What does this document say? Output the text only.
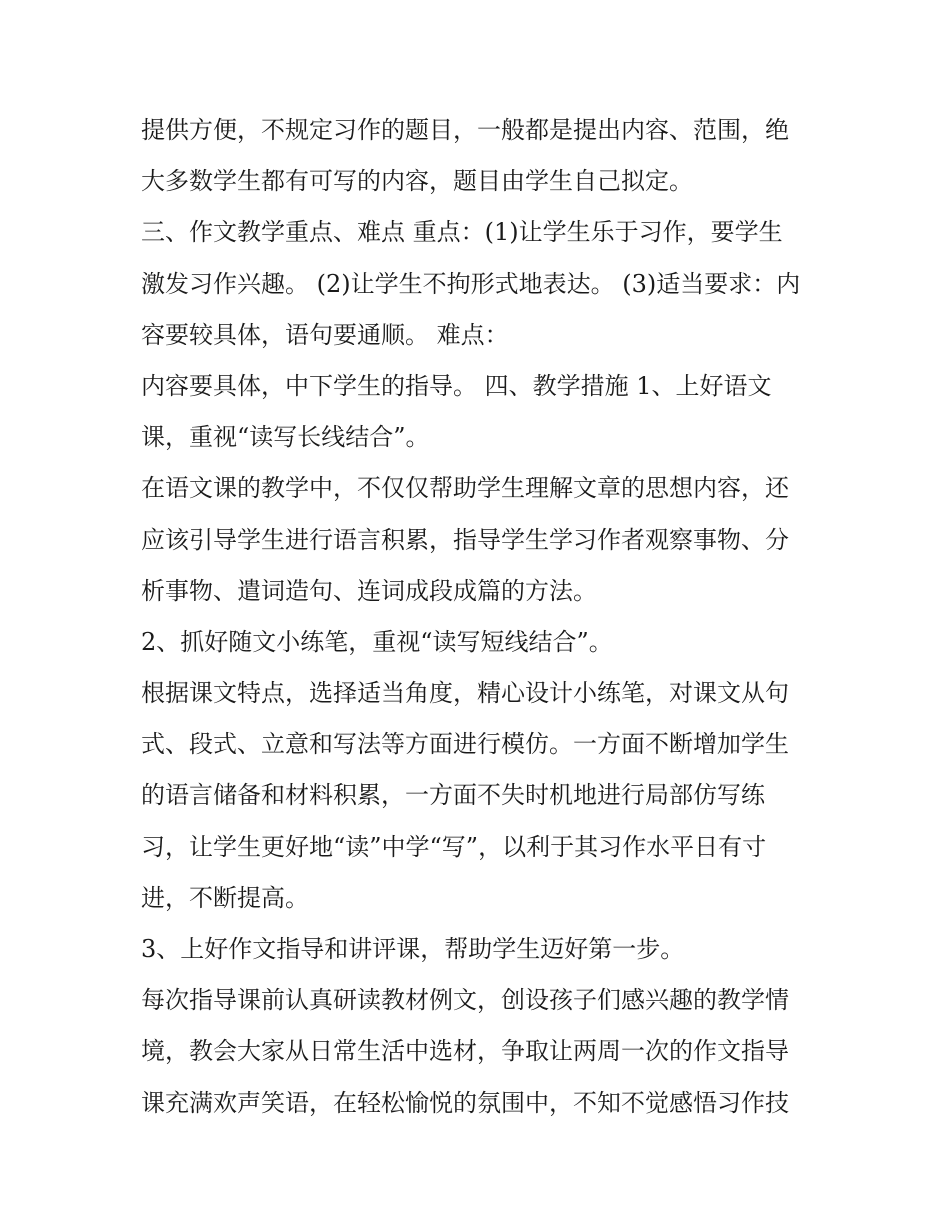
提供方便，不规定习作的题目，一般都是提出内容、范围，绝
大多数学生都有可写的内容，题目由学生自己拟定。
三、作文教学重点、难点 重点：(1)让学生乐于习作，要学生
激发习作兴趣。 (2)让学生不拘形式地表达。 (3)适当要求：内
容要较具体，语句要通顺。 难点：
内容要具体，中下学生的指导。 四、教学措施 1、上好语文
课，重视“读写长线结合”。
在语文课的教学中，不仅仅帮助学生理解文章的思想内容，还
应该引导学生进行语言积累，指导学生学习作者观察事物、分
析事物、遣词造句、连词成段成篇的方法。
2、抓好随文小练笔，重视“读写短线结合”。
根据课文特点，选择适当角度，精心设计小练笔，对课文从句
式、段式、立意和写法等方面进行模仿。一方面不断增加学生
的语言储备和材料积累，一方面不失时机地进行局部仿写练
习，让学生更好地“读”中学“写”，以利于其习作水平日有寸
进，不断提高。
3、上好作文指导和讲评课，帮助学生迈好第一步。
每次指导课前认真研读教材例文，创设孩子们感兴趣的教学情
境，教会大家从日常生活中选材，争取让两周一次的作文指导
课充满欢声笑语，在轻松愉悦的氛围中，不知不觉感悟习作技
